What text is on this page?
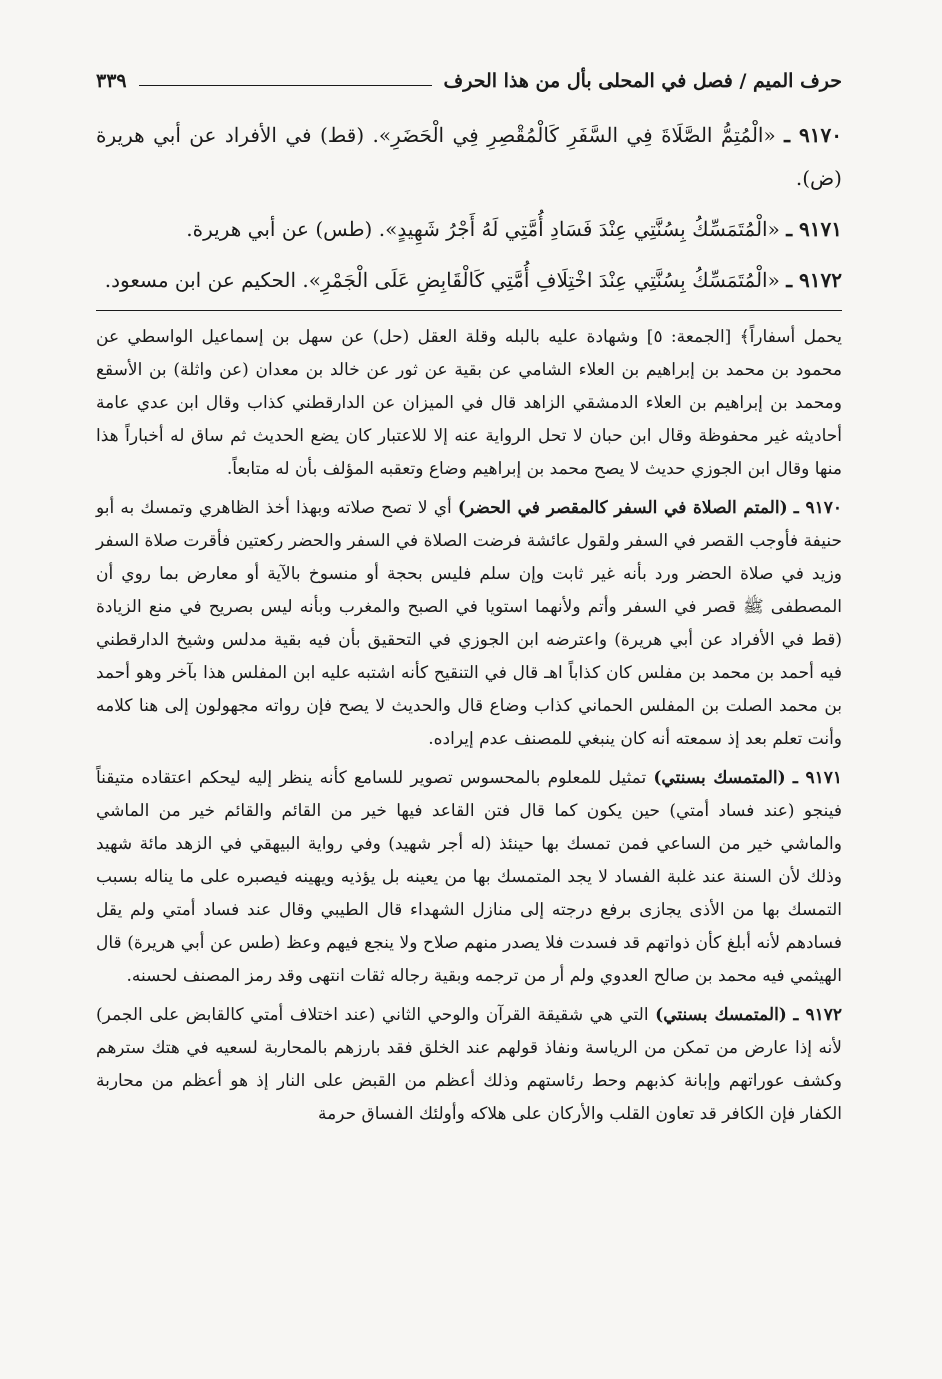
حرف الميم / فصل في المحلى بأل من هذا الحرف
٣٣٩

٩١٧٠ ـ «الْمُتِمُّ الصَّلَاةَ فِي السَّفَرِ كَالْمُقْصِرِ فِي الْحَضَرِ». (قط) في الأفراد عن أبي هريرة (ض).

٩١٧١ ـ «الْمُتَمَسِّكُ بِسُنَّتِي عِنْدَ فَسَادِ أُمَّتِي لَهُ أَجْرُ شَهِيدٍ». (طس) عن أبي هريرة.

٩١٧٢ ـ «الْمُتَمَسِّكُ بِسُنَّتِي عِنْدَ اخْتِلَافِ أُمَّتِي كَالْقَابِضِ عَلَى الْجَمْرِ». الحكيم عن ابن مسعود.

يحمل أسفاراً﴾ [الجمعة: ٥] وشهادة عليه بالبله وقلة العقل (حل) عن سهل بن إسماعيل الواسطي عن محمود بن محمد بن إبراهيم بن العلاء الشامي عن بقية عن ثور عن خالد بن معدان (عن واثلة) بن الأسقع ومحمد بن إبراهيم بن العلاء الدمشقي الزاهد قال في الميزان عن الدارقطني كذاب وقال ابن عدي عامة أحاديثه غير محفوظة وقال ابن حبان لا تحل الرواية عنه إلا للاعتبار كان يضع الحديث ثم ساق له أخباراً هذا منها وقال ابن الجوزي حديث لا يصح محمد بن إبراهيم وضاع وتعقبه المؤلف بأن له متابعاً.

٩١٧٠ ـ (المتم الصلاة في السفر كالمقصر في الحضر) أي لا تصح صلاته وبهذا أخذ الظاهري وتمسك به أبو حنيفة فأوجب القصر في السفر ولقول عائشة فرضت الصلاة في السفر والحضر ركعتين فأقرت صلاة السفر وزيد في صلاة الحضر ورد بأنه غير ثابت وإن سلم فليس بحجة أو منسوخ بالآية أو معارض بما روي أن المصطفى ﷺ قصر في السفر وأتم ولأنهما استويا في الصبح والمغرب وبأنه ليس بصريح في منع الزيادة (قط في الأفراد عن أبي هريرة) واعترضه ابن الجوزي في التحقيق بأن فيه بقية مدلس وشيخ الدارقطني فيه أحمد بن محمد بن مفلس كان كذاباً اهـ قال في التنقيح كأنه اشتبه عليه ابن المفلس هذا بآخر وهو أحمد بن محمد الصلت بن المفلس الحماني كذاب وضاع قال والحديث لا يصح فإن رواته مجهولون إلى هنا كلامه وأنت تعلم بعد إذ سمعته أنه كان ينبغي للمصنف عدم إيراده.

٩١٧١ ـ (المتمسك بسنتي) تمثيل للمعلوم بالمحسوس تصوير للسامع كأنه ينظر إليه ليحكم اعتقاده متيقناً فينجو (عند فساد أمتي) حين يكون كما قال فتن القاعد فيها خير من القائم والقائم خير من الماشي والماشي خير من الساعي فمن تمسك بها حينئذ (له أجر شهيد) وفي رواية البيهقي في الزهد مائة شهيد وذلك لأن السنة عند غلبة الفساد لا يجد المتمسك بها من يعينه بل يؤذيه ويهينه فيصبره على ما يناله بسبب التمسك بها من الأذى يجازى برفع درجته إلى منازل الشهداء قال الطيبي وقال عند فساد أمتي ولم يقل فسادهم لأنه أبلغ كأن ذواتهم قد فسدت فلا يصدر منهم صلاح ولا ينجع فيهم وعظ (طس عن أبي هريرة) قال الهيثمي فيه محمد بن صالح العدوي ولم أر من ترجمه وبقية رجاله ثقات انتهى وقد رمز المصنف لحسنه.

٩١٧٢ ـ (المتمسك بسنتي) التي هي شقيقة القرآن والوحي الثاني (عند اختلاف أمتي كالقابض على الجمر) لأنه إذا عارض من تمكن من الرياسة ونفاذ قولهم عند الخلق فقد بارزهم بالمحاربة لسعيه في هتك سترهم وكشف عوراتهم وإبانة كذبهم وحط رئاستهم وذلك أعظم من القبض على النار إذ هو أعظم من محاربة الكفار فإن الكافر قد تعاون القلب والأركان على هلاكه وأولئك الفساق حرمة
